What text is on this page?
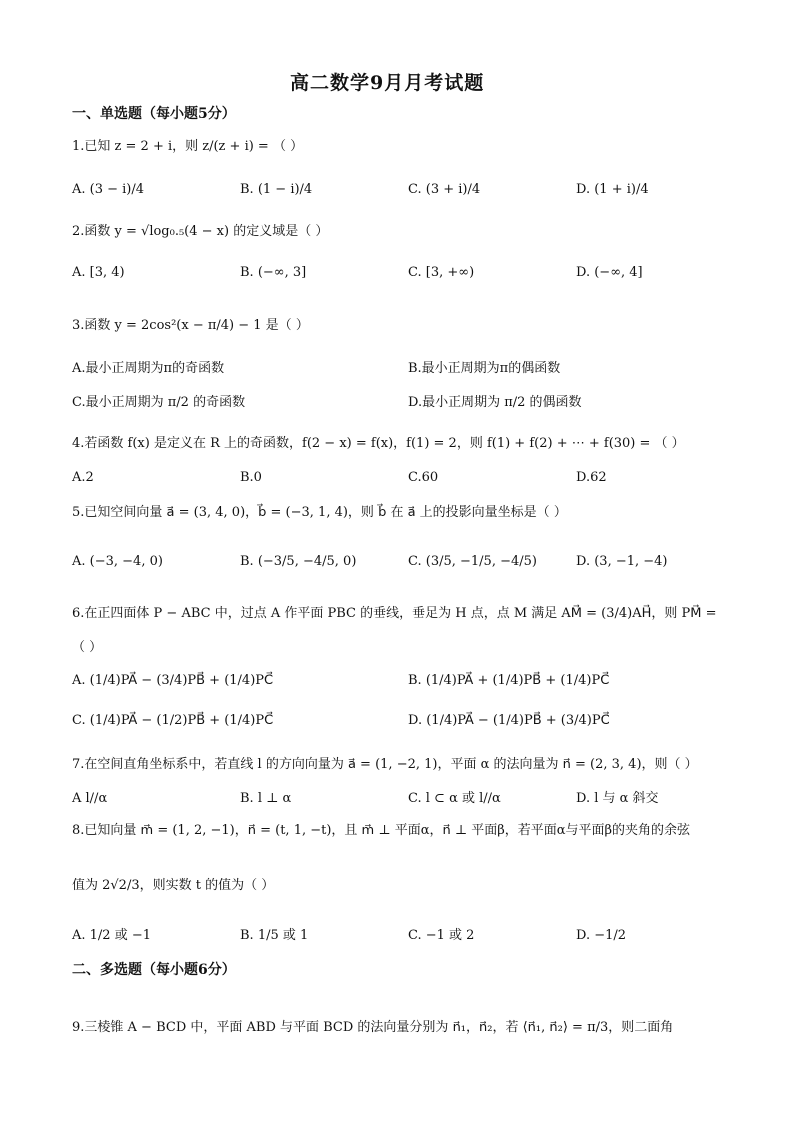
高二数学9月月考试题
一、单选题（每小题5分）
1.已知 z = 2 + i，则 z/(z + i) = （ ）
A. (3 − i)/4	B. (1 − i)/4	C. (3 + i)/4	D. (1 + i)/4
2.函数 y = √log₀.₅(4 − x) 的定义域是（ ）
A. [3, 4)	B. (−∞, 3]	C. [3, +∞)	D. (−∞, 4]
3.函数 y = 2cos²(x − π/4) − 1 是（ ）
A.最小正周期为π的奇函数	B.最小正周期为π的偶函数
C.最小正周期为 π/2 的奇函数	D.最小正周期为 π/2 的偶函数
4.若函数 f(x) 是定义在 R 上的奇函数，f(2 − x) = f(x)，f(1) = 2，则 f(1) + f(2) + ⋯ + f(30) = （ ）
A.2	B.0	C.60	D.62
5.已知空间向量 a⃗ = (3, 4, 0)，b⃗ = (−3, 1, 4)，则 b⃗ 在 a⃗ 上的投影向量坐标是（ ）
A. (−3, −4, 0)	B. (−3/5, −4/5, 0)	C. (3/5, −1/5, −4/5)	D. (3, −1, −4)
6.在正四面体 P − ABC 中，过点 A 作平面 PBC 的垂线，垂足为 H 点，点 M 满足 AM⃗ = (3/4)AH⃗，则 PM⃗ =
（ ）
A. (1/4)PA⃗ − (3/4)PB⃗ + (1/4)PC⃗	B. (1/4)PA⃗ + (1/4)PB⃗ + (1/4)PC⃗
C. (1/4)PA⃗ − (1/2)PB⃗ + (1/4)PC⃗	D. (1/4)PA⃗ − (1/4)PB⃗ + (3/4)PC⃗
7.在空间直角坐标系中，若直线 l 的方向向量为 a⃗ = (1, −2, 1)，平面 α 的法向量为 n⃗ = (2, 3, 4)，则（ ）
A l//α	B. l ⊥ α	C. l ⊂ α 或 l//α	D. l 与 α 斜交
8.已知向量 m⃗ = (1, 2, −1)，n⃗ = (t, 1, −t)，且 m⃗ ⊥ 平面α，n⃗ ⊥ 平面β，若平面α与平面β的夹角的余弦
值为 2√2/3，则实数 t 的值为（ ）
A. 1/2 或 −1	B. 1/5 或 1	C. −1 或 2	D. −1/2
二、多选题（每小题6分）
9.三棱锥 A − BCD 中，平面 ABD 与平面 BCD 的法向量分别为 n⃗₁，n⃗₂，若 ⟨n⃗₁, n⃗₂⟩ = π/3，则二面角
